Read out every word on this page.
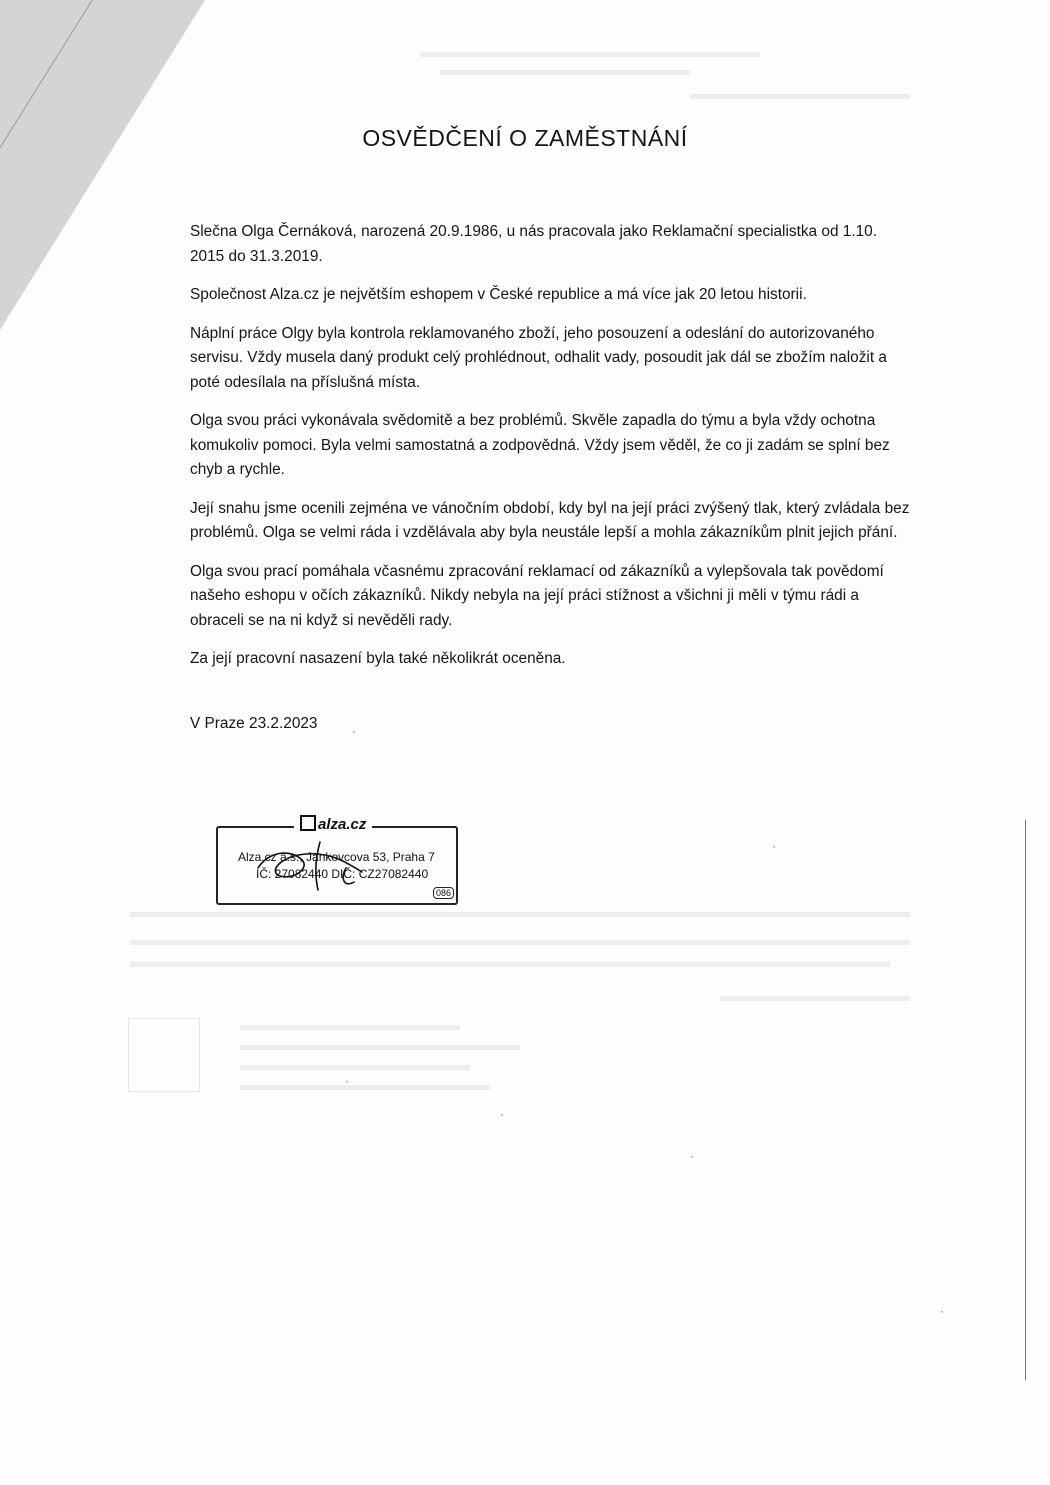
·
·
·
·
·
·
OSVĚDČENÍ O ZAMĚSTNÁNÍ

Slečna Olga Černáková, narozená 20.9.1986, u nás pracovala jako Reklamační specialistka od 1.10. 2015 do 31.3.2019.

Společnost Alza.cz je největším eshopem v České republice a má více jak 20 letou historii.

Náplní práce Olgy byla kontrola reklamovaného zboží, jeho posouzení a odeslání do autorizovaného servisu. Vždy musela daný produkt celý prohlédnout, odhalit vady, posoudit jak dál se zbožím naložit a poté odesílala na příslušná místa.

Olga svou práci vykonávala svědomitě a bez problémů. Skvěle zapadla do týmu a byla vždy ochotna komukoliv pomoci. Byla velmi samostatná a zodpovědná. Vždy jsem věděl, že co ji zadám se splní bez chyb a rychle.

Její snahu jsme ocenili zejména ve vánočním období, kdy byl na její práci zvýšený tlak, který zvládala bez problémů. Olga se velmi ráda i vzdělávala aby byla neustále lepší a mohla zákazníkům plnit jejich přání.

Olga svou prací pomáhala včasnému zpracování reklamací od zákazníků a vylepšovala tak povědomí našeho eshopu v očích zákazníků. Nikdy nebyla na její práci stížnost a všichni ji měli v týmu rádi a obraceli se na ni když si nevěděli rady.

Za její pracovní nasazení byla také několikrát oceněna.

V Praze 23.2.2023

alza.cz
Alza.cz a.s., Jankovcova 53, Praha 7
IČ: 27082440 DIČ: CZ27082440
086
